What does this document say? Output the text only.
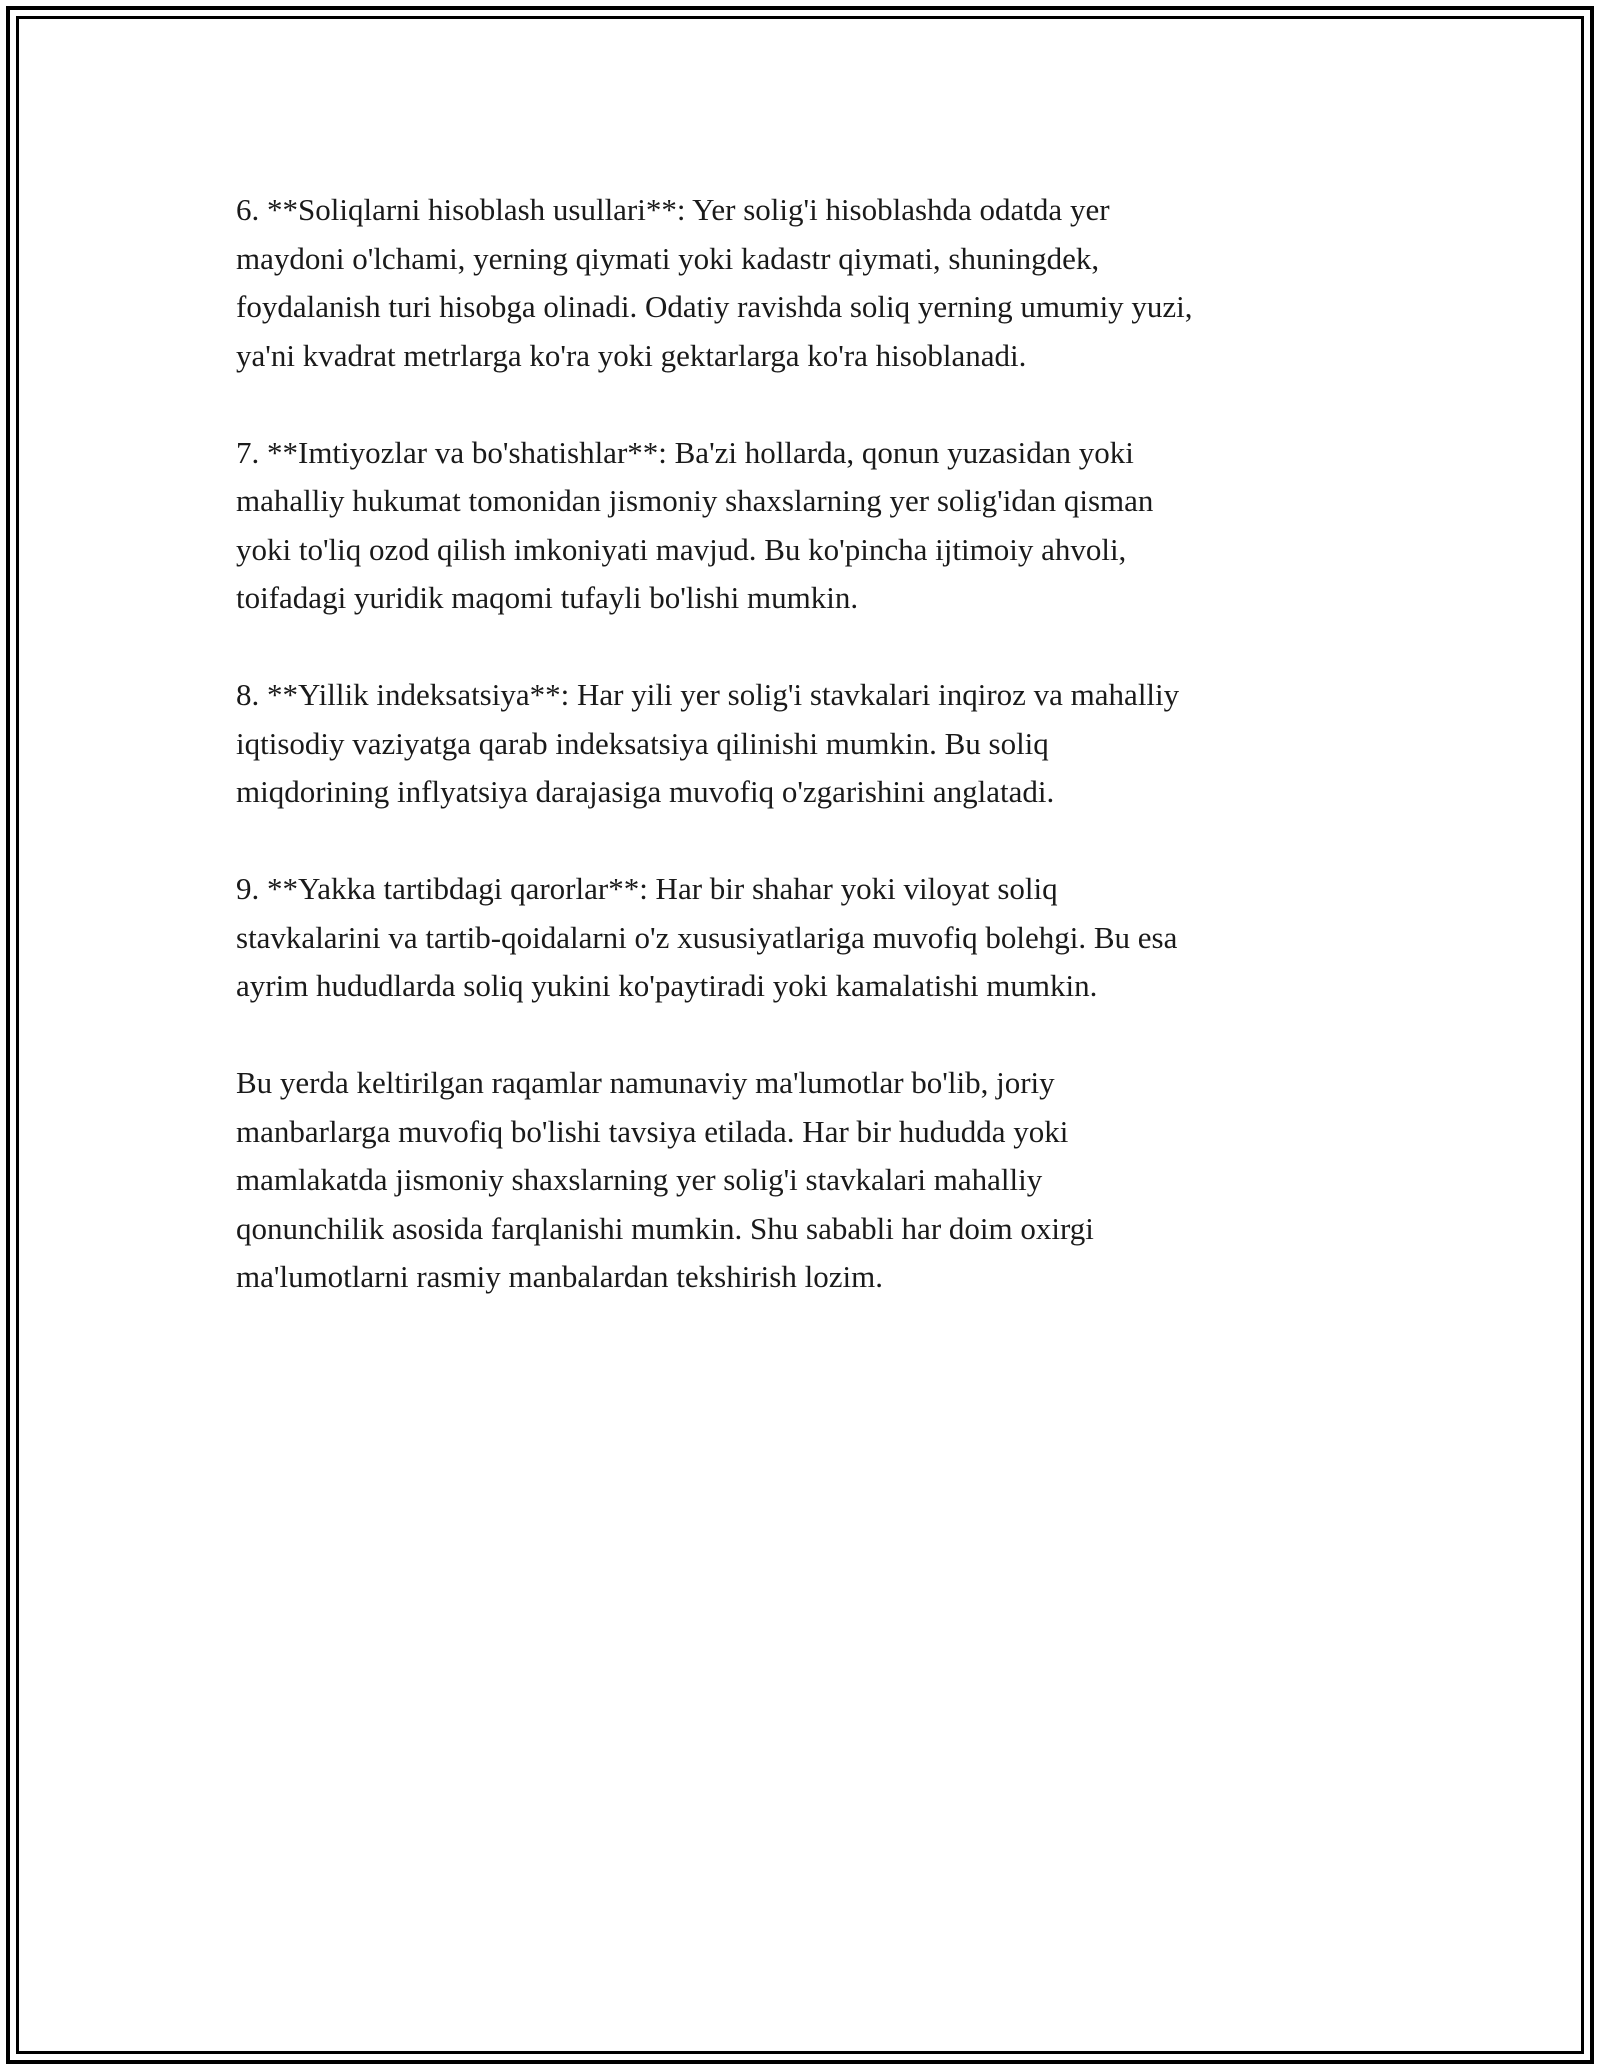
6. **Soliqlarni hisoblash usullari**: Yer solig'i hisoblashda odatda yer
maydoni o'lchami, yerning qiymati yoki kadastr qiymati, shuningdek,
foydalanish turi hisobga olinadi. Odatiy ravishda soliq yerning umumiy yuzi,
ya'ni kvadrat metrlarga ko'ra yoki gektarlarga ko'ra hisoblanadi.

7. **Imtiyozlar va bo'shatishlar**: Ba'zi hollarda, qonun yuzasidan yoki
mahalliy hukumat tomonidan jismoniy shaxslarning yer solig'idan qisman
yoki to'liq ozod qilish imkoniyati mavjud. Bu ko'pincha ijtimoiy ahvoli,
toifadagi yuridik maqomi tufayli bo'lishi mumkin.

8. **Yillik indeksatsiya**: Har yili yer solig'i stavkalari inqiroz va mahalliy
iqtisodiy vaziyatga qarab indeksatsiya qilinishi mumkin. Bu soliq
miqdorining inflyatsiya darajasiga muvofiq o'zgarishini anglatadi.

9. **Yakka tartibdagi qarorlar**: Har bir shahar yoki viloyat soliq
stavkalarini va tartib-qoidalarni o'z xususiyatlariga muvofiq bolehgi. Bu esa
ayrim hududlarda soliq yukini ko'paytiradi yoki kamalatishi mumkin.

Bu yerda keltirilgan raqamlar namunaviy ma'lumotlar bo'lib, joriy
manbarlarga muvofiq bo'lishi tavsiya etilada. Har bir hududda yoki
mamlakatda jismoniy shaxslarning yer solig'i stavkalari mahalliy
qonunchilik asosida farqlanishi mumkin. Shu sababli har doim oxirgi
ma'lumotlarni rasmiy manbalardan tekshirish lozim.
